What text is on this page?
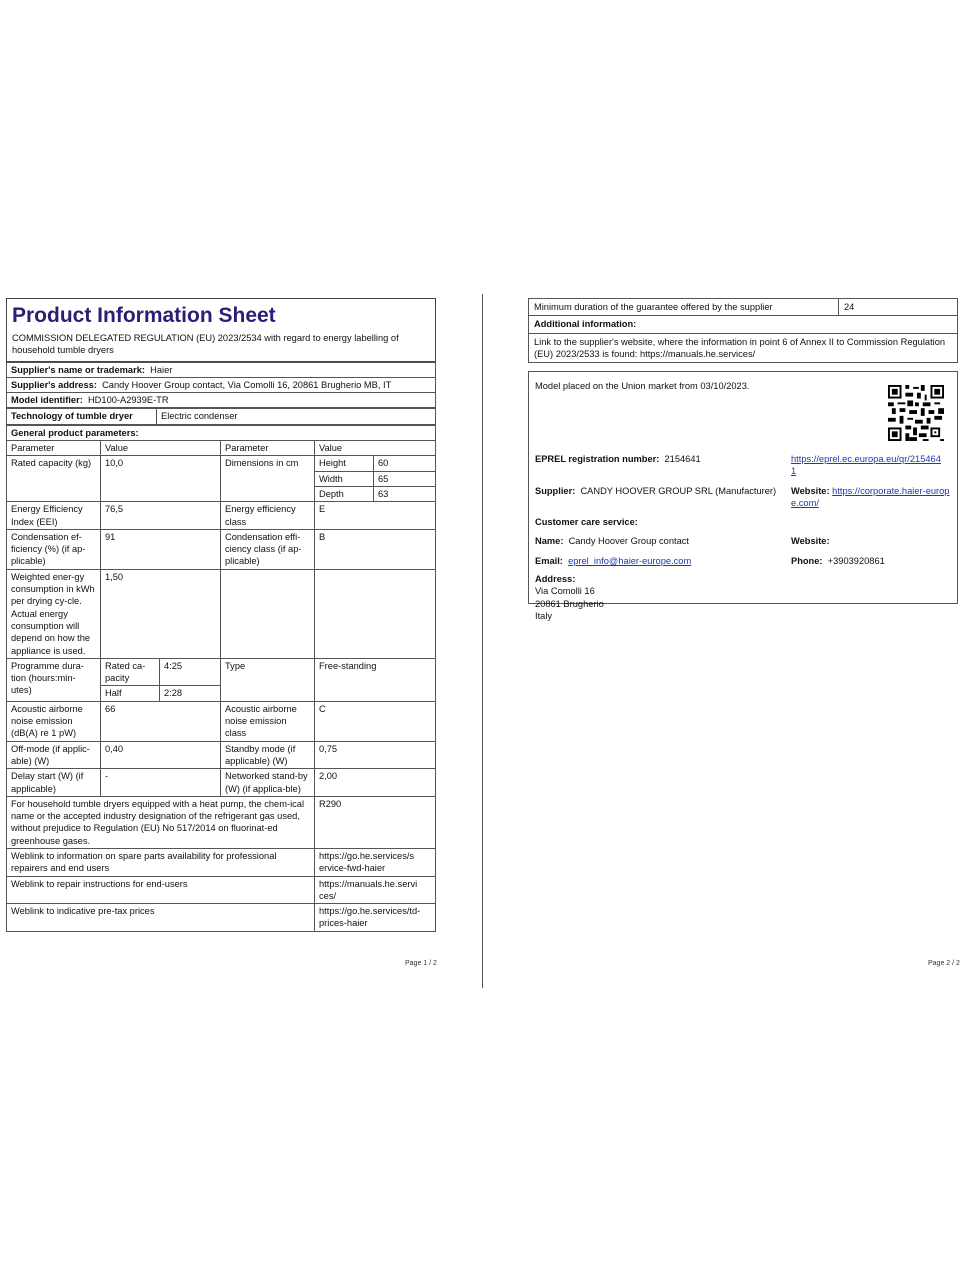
Product Information Sheet
COMMISSION DELEGATED REGULATION (EU) 2023/2534 with regard to energy labelling of household tumble dryers
Supplier's name or trademark: Haier
Supplier's address: Candy Hoover Group contact, Via Comolli 16, 20861 Brugherio MB, IT
Model identifier: HD100-A2939E-TR
Technology of tumble dryer	Electric condenser
General product parameters:					
Parameter	Value		Parameter	Value	
Rated capacity (kg)	10,0		Dimensions in cm	Height	60
				Width	65
				Depth	63
Energy Efficiency Index (EEI)	76,5		Energy efficiency class	E	
Condensation ef-ficiency (%) (if ap-plicable)	91		Condensation effi-ciency class (if ap-plicable)	B	
Weighted ener-gy consumption in kWh per drying cy-cle. Actual energy consumption will depend on how the appliance is used.	1,50				
Programme dura-tion (hours:min-utes)	Rated ca-pacity	4:25	Type	Free-standing	
	Half	2:28			
Acoustic airborne noise emission (dB(A) re 1 pW)	66		Acoustic airborne noise emission class	C	
Off-mode (if applic-able) (W)	0,40		Standby mode (if applicable) (W)	0,75	
Delay start (W) (if applicable)	-		Networked stand-by (W) (if applica-ble)	2,00	
For household tumble dryers equipped with a heat pump, the chem-ical name or the accepted industry designation of the refrigerant gas used, without prejudice to Regulation (EU) No 517/2014 on fluorinat-ed greenhouse gases.				R290	
Weblink to information on spare parts availability for professional repairers and end users				https://go.he.services/s ervice-fwd-haier	
Weblink to repair instructions for end-users				https://manuals.he.servi ces/	
Weblink to indicative pre-tax prices				https://go.he.services/td-prices-haier	
Page 1 / 2
Minimum duration of the guarantee offered by the supplier	24
Additional information:
Link to the supplier's website, where the information in point 6 of Annex II to Commission Regulation (EU) 2023/2533 is found: https://manuals.he.services/
Model placed on the Union market from 03/10/2023.
EPREL registration number: 2154641	https://eprel.ec.europa.eu/qr/2154641
Supplier: CANDY HOOVER GROUP SRL (Manufacturer) Website: https://corporate.haier-europe.com/
Customer care service:
Name: Candy Hoover Group contact	Website:
Email: eprel_info@haier-europe.com	Phone: +3903920861
Address:
Via Comolli 16
20861 Brugherio
Italy
Page 2 / 2
